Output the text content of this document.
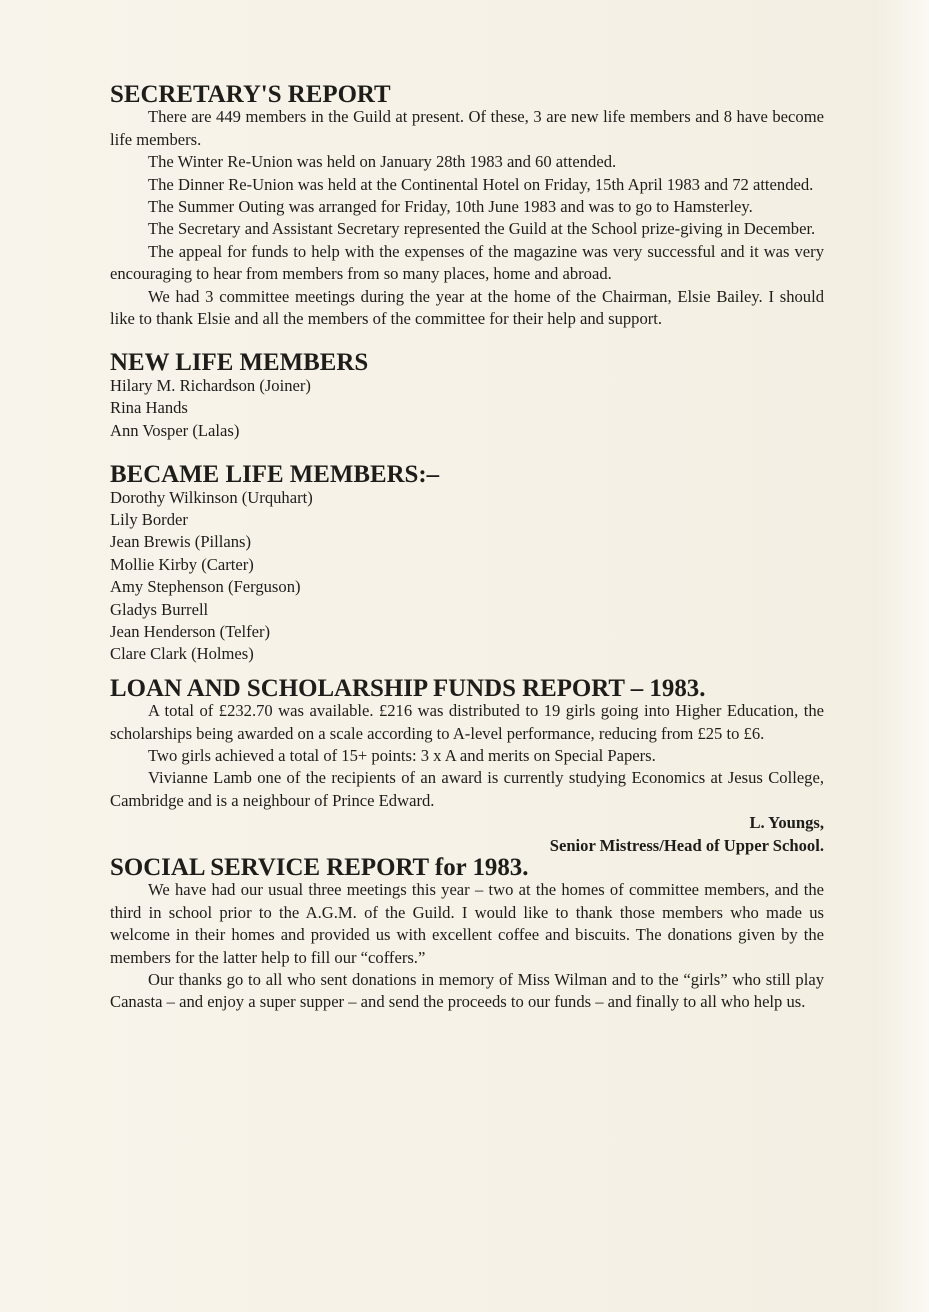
SECRETARY'S REPORT

There are 449 members in the Guild at present. Of these, 3 are new life members and 8 have become life members.

The Winter Re-Union was held on January 28th 1983 and 60 attended.

The Dinner Re-Union was held at the Continental Hotel on Friday, 15th April 1983 and 72 attended.

The Summer Outing was arranged for Friday, 10th June 1983 and was to go to Hamsterley.

The Secretary and Assistant Secretary represented the Guild at the School prize-giving in December.

The appeal for funds to help with the expenses of the magazine was very successful and it was very encouraging to hear from members from so many places, home and abroad.

We had 3 committee meetings during the year at the home of the Chairman, Elsie Bailey. I should like to thank Elsie and all the members of the committee for their help and support.

NEW LIFE MEMBERS
Hilary M. Richardson (Joiner)
Rina Hands
Ann Vosper (Lalas)
BECAME LIFE MEMBERS:–
Dorothy Wilkinson (Urquhart)
Lily Border
Jean Brewis (Pillans)
Mollie Kirby (Carter)
Amy Stephenson (Ferguson)
Gladys Burrell
Jean Henderson (Telfer)
Clare Clark (Holmes)
LOAN AND SCHOLARSHIP FUNDS REPORT – 1983.

A total of £232.70 was available. £216 was distributed to 19 girls going into Higher Education, the scholarships being awarded on a scale according to A-level performance, reducing from £25 to £6.

Two girls achieved a total of 15+ points: 3 x A and merits on Special Papers.

Vivianne Lamb one of the recipients of an award is currently studying Economics at Jesus College, Cambridge and is a neighbour of Prince Edward.

L. Youngs,
Senior Mistress/Head of Upper School.
SOCIAL SERVICE REPORT for 1983.

We have had our usual three meetings this year – two at the homes of committee members, and the third in school prior to the A.G.M. of the Guild. I would like to thank those members who made us welcome in their homes and provided us with excellent coffee and biscuits. The donations given by the members for the latter help to fill our “coffers.”

Our thanks go to all who sent donations in memory of Miss Wilman and to the “girls” who still play Canasta – and enjoy a super supper – and send the proceeds to our funds – and finally to all who help us.
